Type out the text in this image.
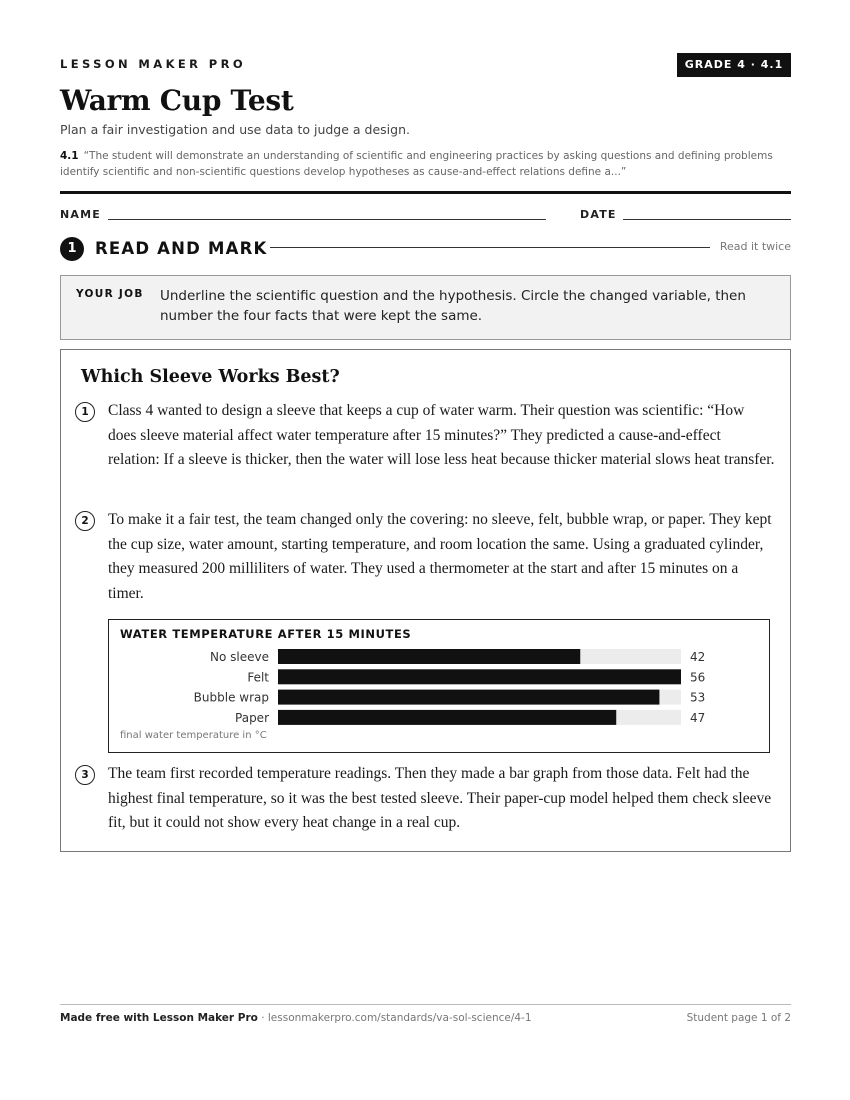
LESSON MAKER PRO	GRADE 4 · 4.1
Warm Cup Test
Plan a fair investigation and use data to judge a design.
4.1 “The student will demonstrate an understanding of scientific and engineering practices by asking questions and defining problems identify scientific and non-scientific questions develop hypotheses as cause-and-effect relations define a...”
NAME	DATE
1	READ AND MARK	Read it twice
YOUR JOB Underline the scientific question and the hypothesis. Circle the changed variable, then number the four facts that were kept the same.
Which Sleeve Works Best?
1	Class 4 wanted to design a sleeve that keeps a cup of water warm. Their question was scientific: “How does sleeve material affect water temperature after 15 minutes?” They predicted a cause-and-effect relation: If a sleeve is thicker, then the water will lose less heat because thicker material slows heat transfer.

2	To make it a fair test, the team changed only the covering: no sleeve, felt, bubble wrap, or paper. They kept the cup size, water amount, starting temperature, and room location the same. Using a graduated cylinder, they measured 200 milliliters of water. They used a thermometer at the start and after 15 minutes on a timer.

WATER TEMPERATURE AFTER 15 MINUTES
No sleeve	42
Felt	56
Bubble wrap	53
Paper	47
final water temperature in °C
3	The team first recorded temperature readings. Then they made a bar graph from those data. Felt had the highest final temperature, so it was the best tested sleeve. Their paper-cup model helped them check sleeve fit, but it could not show every heat change in a real cup.

Made free with Lesson Maker Pro · lessonmakerpro.com/standards/va-sol-science/4-1	Student page 1 of 2
